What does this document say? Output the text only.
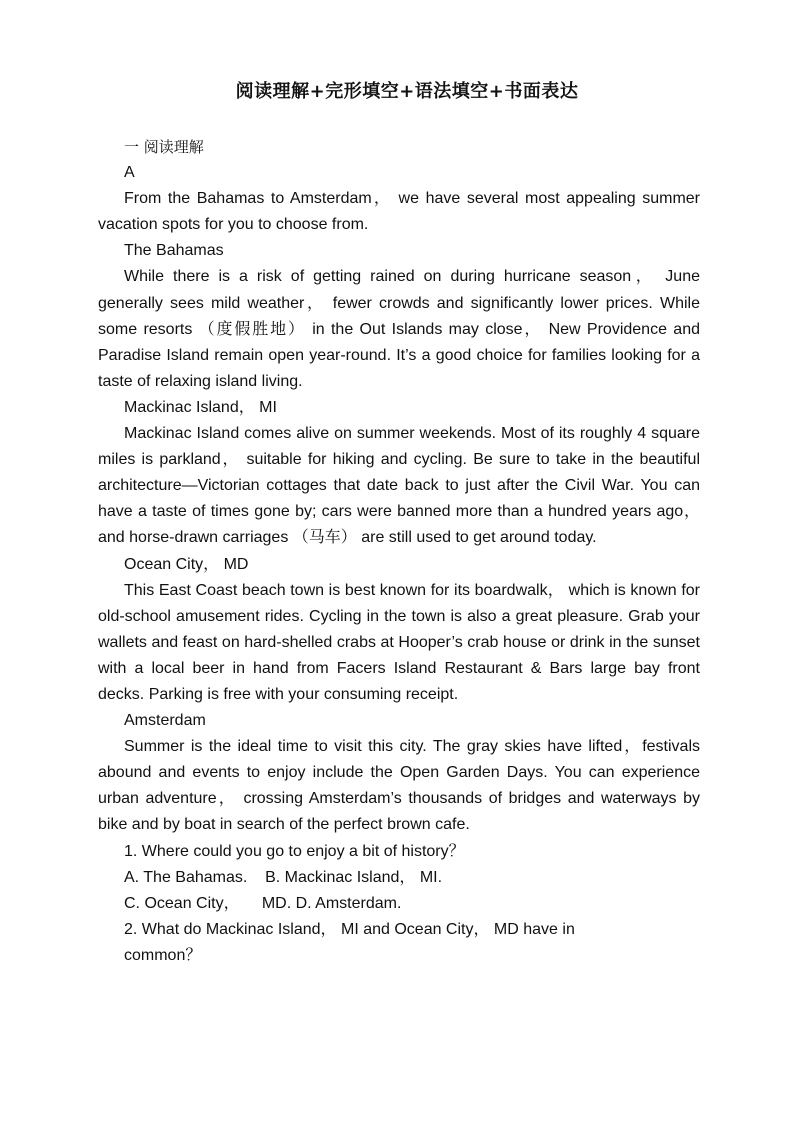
阅读理解+完形填空+语法填空+书面表达

一 阅读理解

A

From the Bahamas to Amsterdam， we have several most appealing summer vacation spots for you to choose from.

The Bahamas

While there is a risk of getting rained on during hurricane season， June generally sees mild weather， fewer crowds and significantly lower prices. While some resorts （度假胜地） in the Out Islands may close， New Providence and Paradise Island remain open year-round. It’s a good choice for families looking for a taste of relaxing island living.

Mackinac Island， MI

Mackinac Island comes alive on summer weekends. Most of its roughly 4 square miles is parkland， suitable for hiking and cycling. Be sure to take in the beautiful architecture—Victorian cottages that date back to just after the Civil War. You can have a taste of times gone by; cars were banned more than a hundred years ago， and horse-drawn carriages （马车） are still used to get around today.

Ocean City， MD

This East Coast beach town is best known for its boardwalk， which is known for old-school amusement rides. Cycling in the town is also a great pleasure. Grab your wallets and feast on hard-shelled crabs at Hooper’s crab house or drink in the sunset with a local beer in hand from Facers Island Restaurant & Bars large bay front decks. Parking is free with your consuming receipt.

Amsterdam

Summer is the ideal time to visit this city. The gray skies have lifted，festivals abound and events to enjoy include the Open Garden Days. You can experience urban adventure， crossing Amsterdam’s thousands of bridges and waterways by bike and by boat in search of the perfect brown cafe.

1. Where could you go to enjoy a bit of history？

A. The Bahamas.    B. Mackinac Island， MI.

C. Ocean City，     MD. D. Amsterdam.

2. What do Mackinac Island， MI and Ocean City， MD have in

common？
